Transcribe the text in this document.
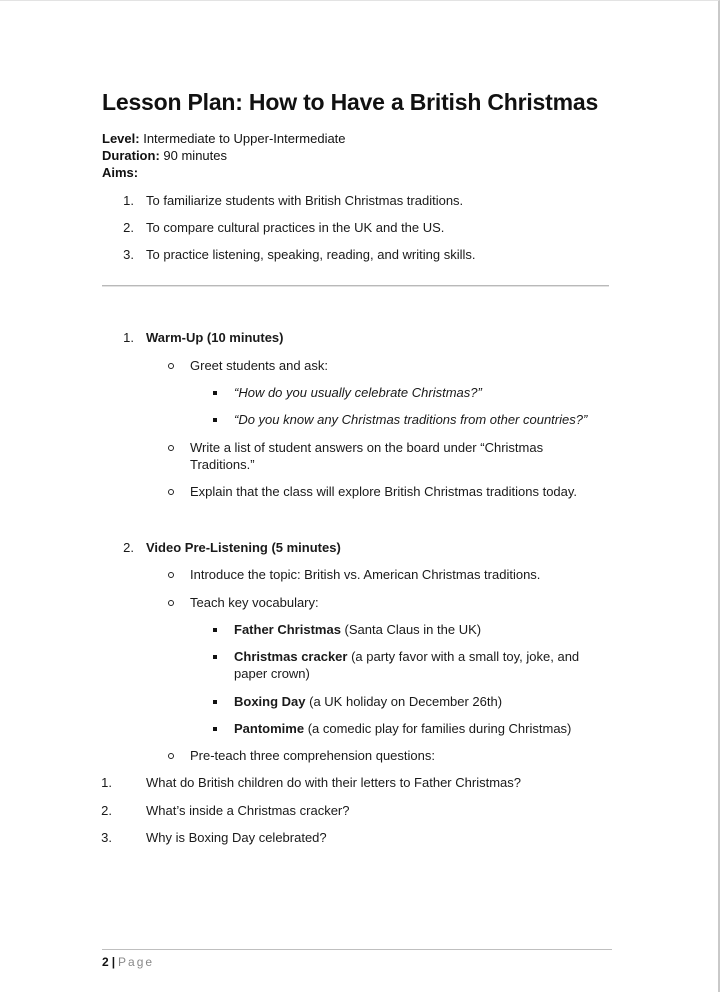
Lesson Plan: How to Have a British Christmas
Level: Intermediate to Upper-Intermediate
Duration: 90 minutes
Aims:
1. To familiarize students with British Christmas traditions.
2. To compare cultural practices in the UK and the US.
3. To practice listening, speaking, reading, and writing skills.
1. Warm-Up (10 minutes)
Greet students and ask:
“How do you usually celebrate Christmas?”
“Do you know any Christmas traditions from other countries?”
Write a list of student answers on the board under “Christmas
Traditions.”
Explain that the class will explore British Christmas traditions today.
2. Video Pre-Listening (5 minutes)
Introduce the topic: British vs. American Christmas traditions.
Teach key vocabulary:
Father Christmas (Santa Claus in the UK)
Christmas cracker (a party favor with a small toy, joke, and
paper crown)
Boxing Day (a UK holiday on December 26th)
Pantomime (a comedic play for families during Christmas)
Pre-teach three comprehension questions:
1.	What do British children do with their letters to Father Christmas?
2.	What’s inside a Christmas cracker?
3.	Why is Boxing Day celebrated?
2 | Page
